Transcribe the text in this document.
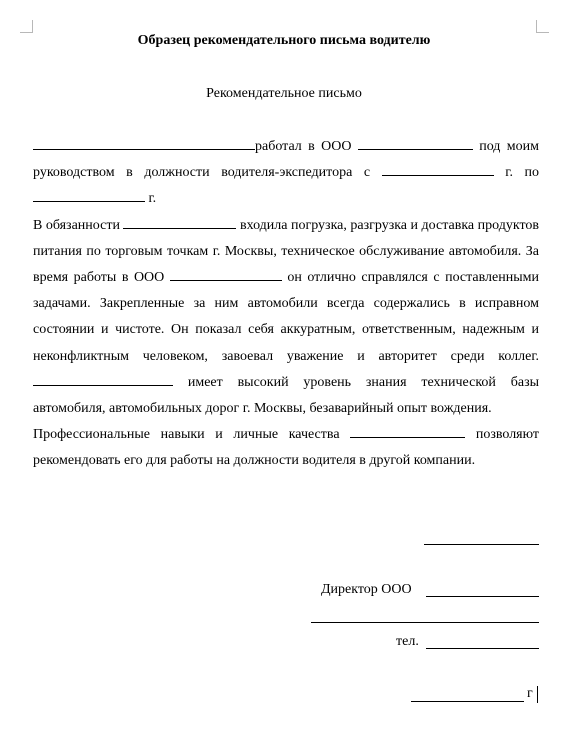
Образец рекомендательного письма водителю
Рекомендательное письмо

работал в ООО	под моим руководством в должности водителя-экспедитора с	г. по  г.

В обязанности	входила погрузка, разгрузка и доставка продуктов питания по торговым точкам г. Москвы, техническое обслуживание автомобиля. За время работы в ООО	он отлично справлялся с поставленными задачами. Закрепленные за ним автомобили всегда содержались в исправном состоянии и чистоте. Он показал себя аккуратным, ответственным, надежным и неконфликтным человеком, завоевал уважение и авторитет среди коллег.  имеет высокий уровень знания технической базы автомобиля, автомобильных дорог г. Москвы, безаварийный опыт вождения.

Профессиональные навыки и личные качества	позволяют рекомендовать его для работы на должности водителя в другой компании.

Директор ООО
тел.
г
